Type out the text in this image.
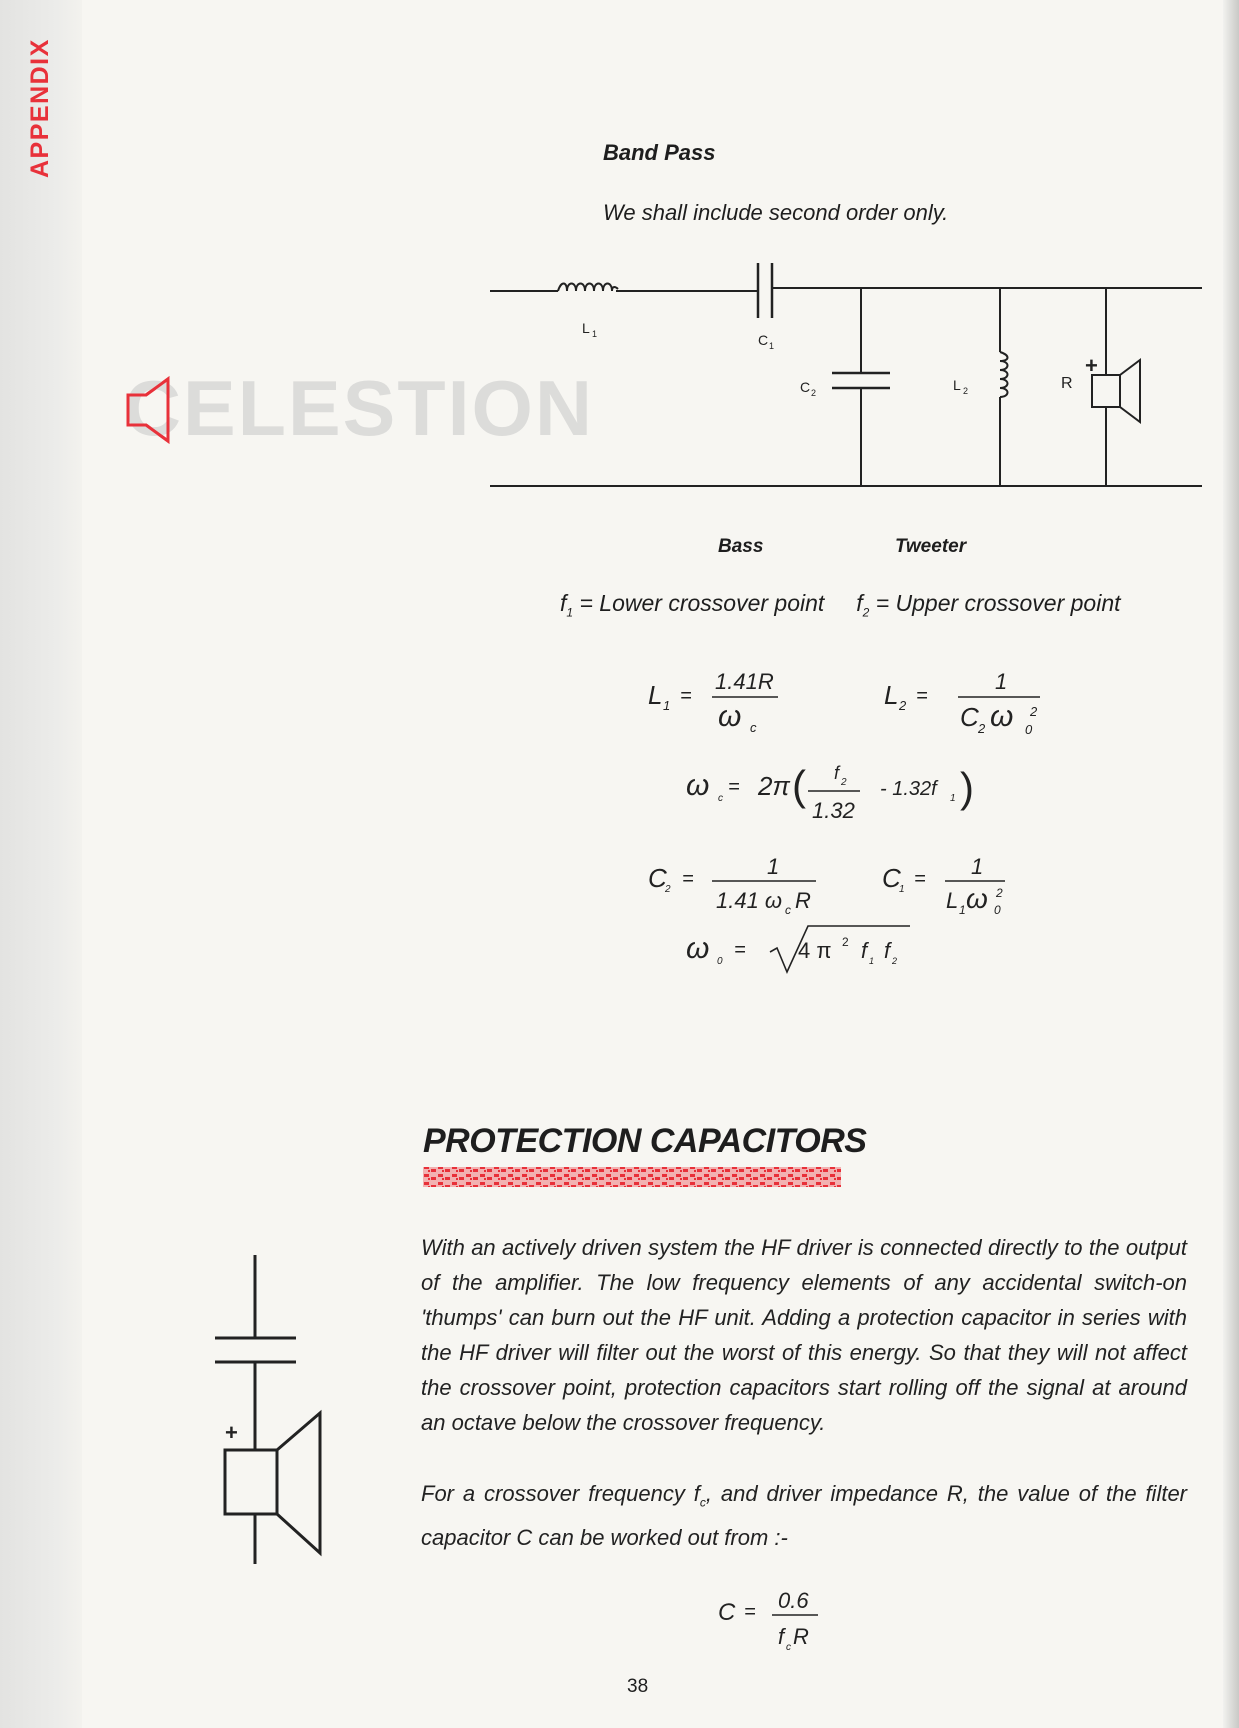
APPENDIX
CELESTION
Band Pass
We shall include second order only.
L 1	C 1
C 2	L 2	R
+
Bass	Tweeter
$f_1$ = Lower crossover point $f_2$ = Upper crossover point
L 1 =
1.41R
ω c
L 2 =
1
C 2 ω 0
2
ω c
= 2π ( f 2
1.32
- 1.32f 1 )
C
2 =	1
1.41 ω c R
C
1 = 1
L 1 ω 0
2
ω 0
= 4 π 2 f 1 f 2
PROTECTION CAPACITORS
+
With an actively driven system the HF driver is connected directly to the output of the amplifier. The low frequency elements of any accidental switch-on 'thumps' can burn out the HF unit. Adding a protection capacitor in series with the HF driver will filter out the worst of this energy. So that they will not affect the crossover point, protection capacitors start rolling off the signal at around an octave below the crossover frequency.
For a crossover frequency $f_c$, and driver impedance R, the value of the filter capacitor C can be worked out from :-
C = 0.6
f c R
38
